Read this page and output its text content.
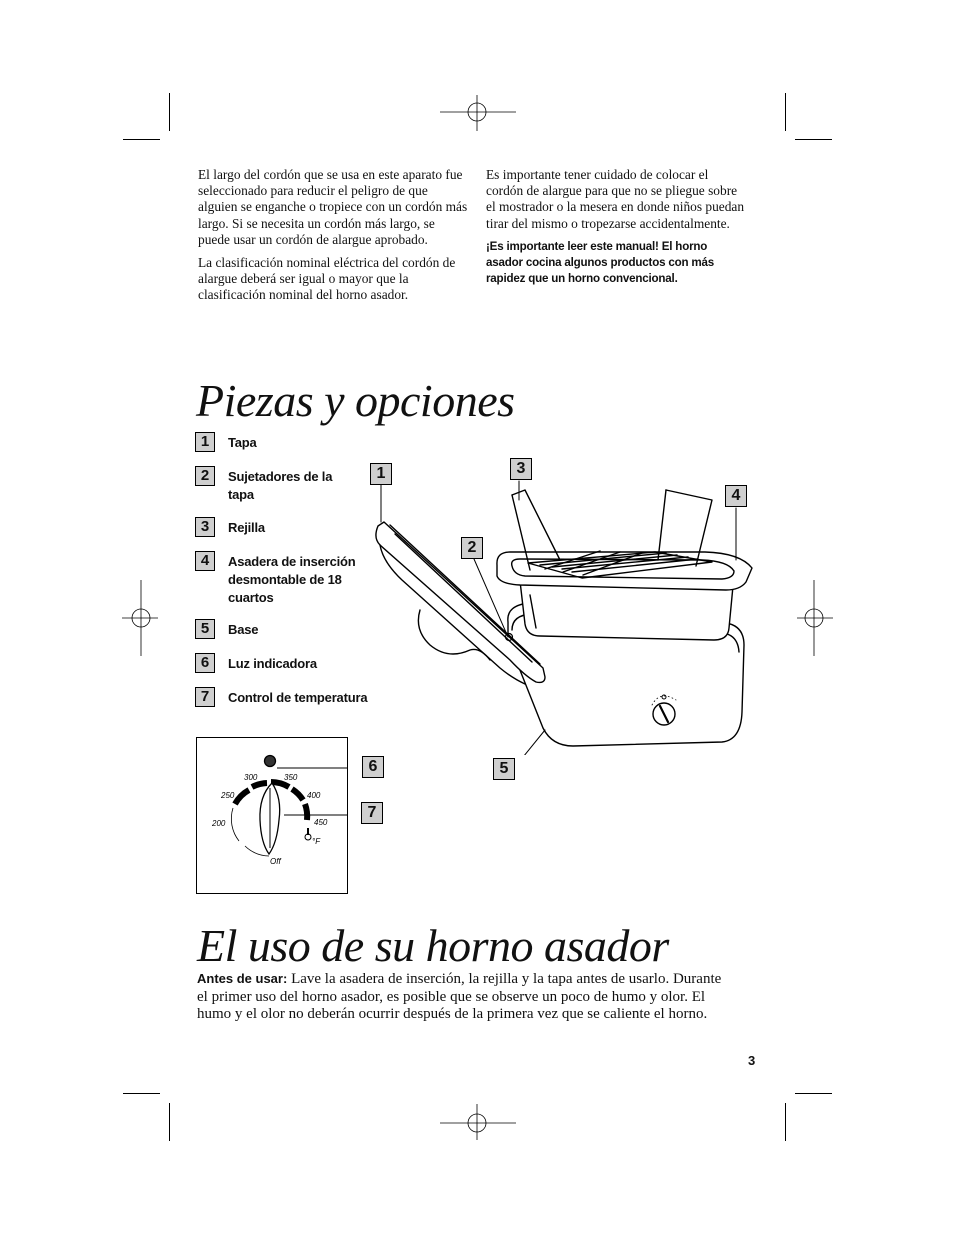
El largo del cordón que se usa en este aparato fue seleccionado para reducir el peligro de que alguien se enganche o tropiece con un cordón más largo. Si se necesita un cordón más largo, se puede usar un cordón de alargue aprobado.

La clasificación nominal eléctrica del cordón de alargue deberá ser igual o mayor que la clasificación nominal del horno asador.

Es importante tener cuidado de colocar el cordón de alargue para que no se pliegue sobre el mostrador o la mesera en donde niños puedan tirar del mismo o tropezarse accidentalmente.

¡Es importante leer este manual! El horno asador cocina algunos productos con más rapidez que un horno convencional.

Piezas y opciones
1	Tapa
2	Sujetadores de la tapa
3	Rejilla
4	Asadera de inserción desmontable de 18 cuartos
5	Base
6	Luz indicadora
7	Control de temperatura
1
2
3
4
5
200
250
300	350
400
450
°F
Off
6
7
El uso de su horno asador
Antes de usar: Lave la asadera de inserción, la rejilla y la tapa antes de usarlo. Durante el primer uso del horno asador, es posible que se observe un poco de humo y olor. El humo y el olor no deberán ocurrir después de la primera vez que se caliente el horno.
3
